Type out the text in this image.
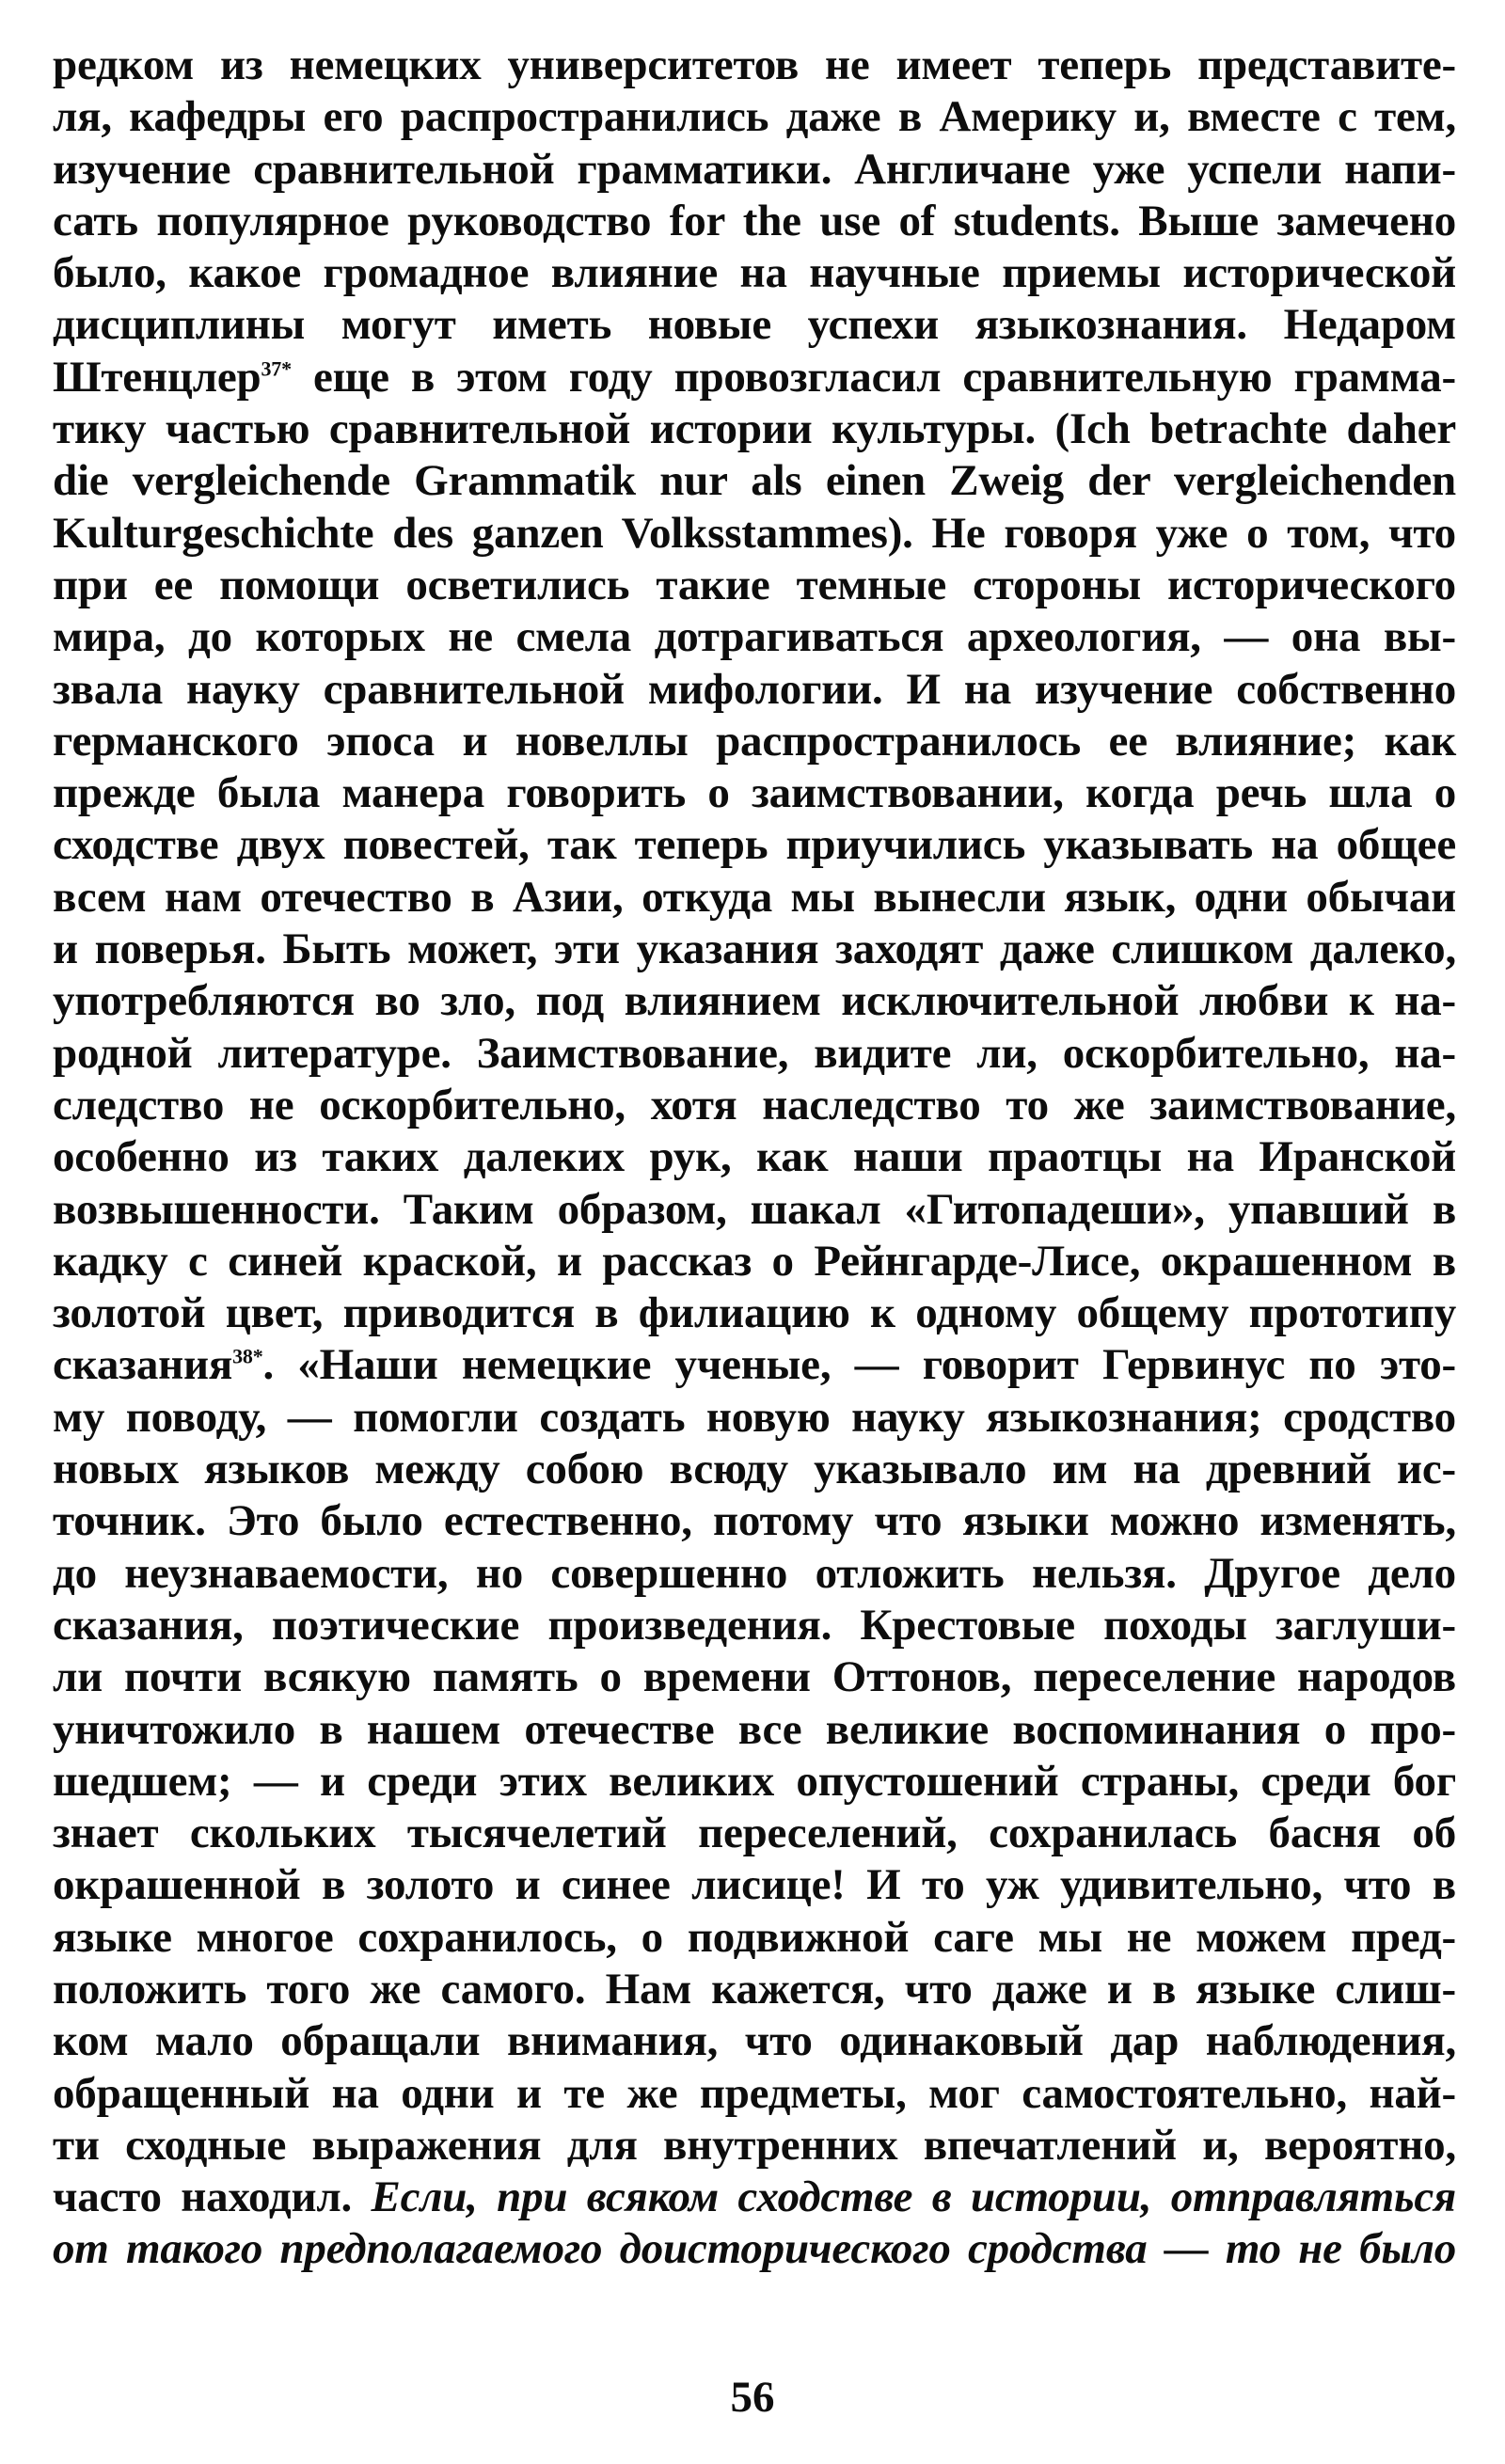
редком из немецких университетов не имеет теперь представите-
ля, кафедры его распространились даже в Америку и, вместе с тем,
изучение сравнительной грамматики. Англичане уже успели напи-
сать популярное руководство for the use of students. Выше замечено
было, какое громадное влияние на научные приемы исторической
дисциплины могут иметь новые успехи языкознания. Недаром
Штенцлер$^{37*}$ еще в этом году провозгласил сравнительную грамма-
тику частью сравнительной истории культуры. (Ich betrachte daher
die vergleichende Grammatik nur als einen Zweig der vergleichenden
Kulturgeschichte des ganzen Volksstammes). Не говоря уже о том, что
при ее помощи осветились такие темные стороны исторического
мира, до которых не смела дотрагиваться археология, — она вы-
звала науку сравнительной мифологии. И на изучение собственно
германского эпоса и новеллы распространилось ее влияние; как
прежде была манера говорить о заимствовании, когда речь шла о
сходстве двух повестей, так теперь приучились указывать на общее
всем нам отечество в Азии, откуда мы вынесли язык, одни обычаи
и поверья. Быть может, эти указания заходят даже слишком далеко,
употребляются во зло, под влиянием исключительной любви к на-
родной литературе. Заимствование, видите ли, оскорбительно, на-
следство не оскорбительно, хотя наследство то же заимствование,
особенно из таких далеких рук, как наши праотцы на Иранской
возвышенности. Таким образом, шакал «Гитопадеши», упавший в
кадку с синей краской, и рассказ о Рейнгарде-Лисе, окрашенном в
золотой цвет, приводится в филиацию к одному общему прототипу
сказания$^{38*}$. «Наши немецкие ученые, — говорит Гервинус по это-
му поводу, — помогли создать новую науку языкознания; сродство
новых языков между собою всюду указывало им на древний ис-
точник. Это было естественно, потому что языки можно изменять,
до неузнаваемости, но совершенно отложить нельзя. Другое дело
сказания, поэтические произведения. Крестовые походы заглуши-
ли почти всякую память о времени Оттонов, переселение народов
уничтожило в нашем отечестве все великие воспоминания о про-
шедшем; — и среди этих великих опустошений страны, среди бог
знает скольких тысячелетий переселений, сохранилась басня об
окрашенной в золото и синее лисице! И то уж удивительно, что в
языке многое сохранилось, о подвижной саге мы не можем пред-
положить того же самого. Нам кажется, что даже и в языке слиш-
ком мало обращали внимания, что одинаковый дар наблюдения,
обращенный на одни и те же предметы, мог самостоятельно, най-
ти сходные выражения для внутренних впечатлений и, вероятно,
часто находил. Если, при всяком сходстве в истории, отправляться
от такого предполагаемого доисторического сродства — то не было
56
